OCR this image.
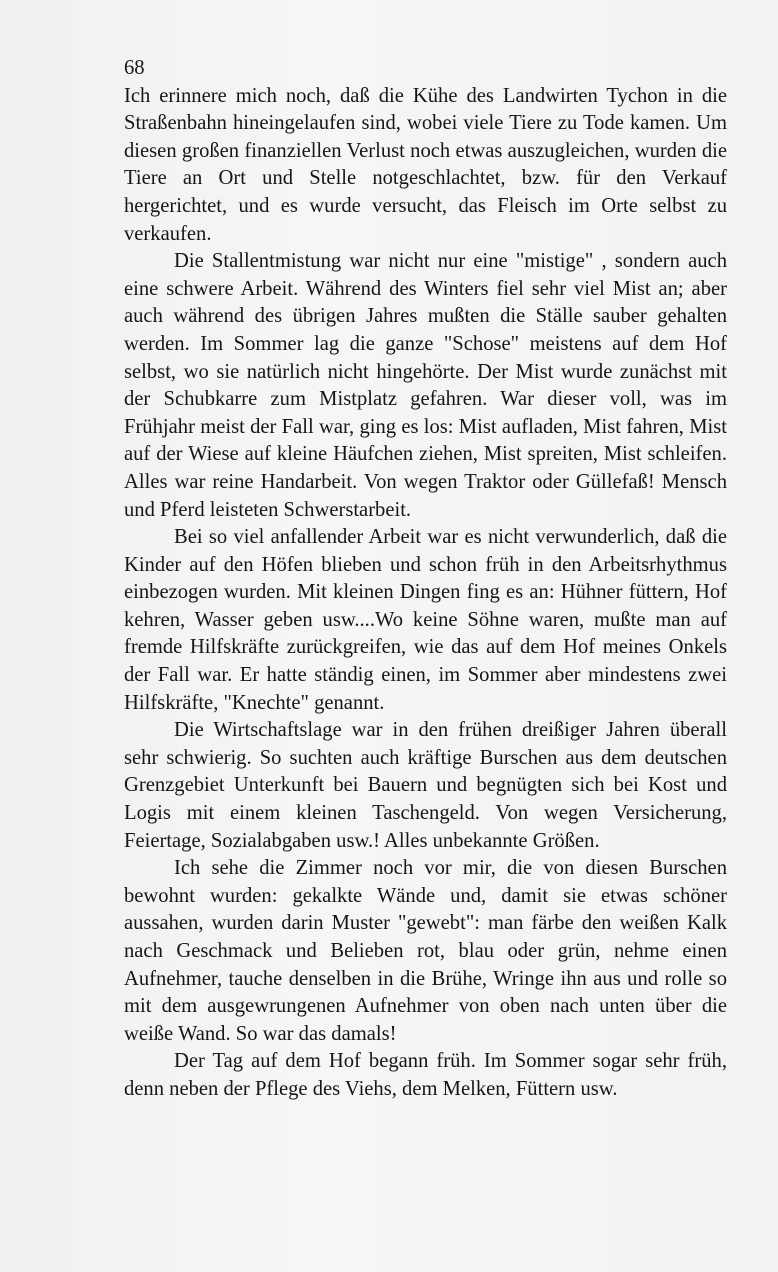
68

Ich erinnere mich noch, daß die Kühe des Landwirten Tychon in die Straßenbahn hineingelaufen sind, wobei viele Tiere zu Tode kamen. Um diesen großen finanziellen Verlust noch etwas auszugleichen, wurden die Tiere an Ort und Stelle notgeschlachtet, bzw. für den Verkauf hergerichtet, und es wurde versucht, das Fleisch im Orte selbst zu verkaufen.

Die Stallentmistung war nicht nur eine "mistige" , sondern auch eine schwere Arbeit. Während des Winters fiel sehr viel Mist an; aber auch während des übrigen Jahres mußten die Ställe sauber gehalten werden. Im Sommer lag die ganze "Schose" meistens auf dem Hof selbst, wo sie natürlich nicht hingehörte. Der Mist wurde zunächst mit der Schubkarre zum Mistplatz gefahren. War dieser voll, was im Frühjahr meist der Fall war, ging es los: Mist aufladen, Mist fahren, Mist auf der Wiese auf kleine Häufchen ziehen, Mist spreiten, Mist schleifen. Alles war reine Handarbeit. Von wegen Traktor oder Güllefaß! Mensch und Pferd leisteten Schwerstarbeit.

Bei so viel anfallender Arbeit war es nicht verwunderlich, daß die Kinder auf den Höfen blieben und schon früh in den Arbeitsrhythmus einbezogen wurden. Mit kleinen Dingen fing es an: Hühner füttern, Hof kehren, Wasser geben usw....Wo keine Söhne waren, mußte man auf fremde Hilfskräfte zurückgreifen, wie das auf dem Hof meines Onkels der Fall war. Er hatte ständig einen, im Sommer aber mindestens zwei Hilfskräfte, "Knechte" genannt.

Die Wirtschaftslage war in den frühen dreißiger Jahren überall sehr schwierig. So suchten auch kräftige Burschen aus dem deutschen Grenzgebiet Unterkunft bei Bauern und begnügten sich bei Kost und Logis mit einem kleinen Taschengeld. Von wegen Versicherung, Feiertage, Sozialabgaben usw.! Alles unbekannte Größen.

Ich sehe die Zimmer noch vor mir, die von diesen Burschen bewohnt wurden: gekalkte Wände und, damit sie etwas schöner aussahen, wurden darin Muster "gewebt": man färbe den weißen Kalk nach Geschmack und Belieben rot, blau oder grün, nehme einen Aufnehmer, tauche denselben in die Brühe, Wringe ihn aus und rolle so mit dem ausgewrungenen Aufnehmer von oben nach unten über die weiße Wand. So war das damals!

Der Tag auf dem Hof begann früh. Im Sommer sogar sehr früh, denn neben der Pflege des Viehs, dem Melken, Füttern usw.
